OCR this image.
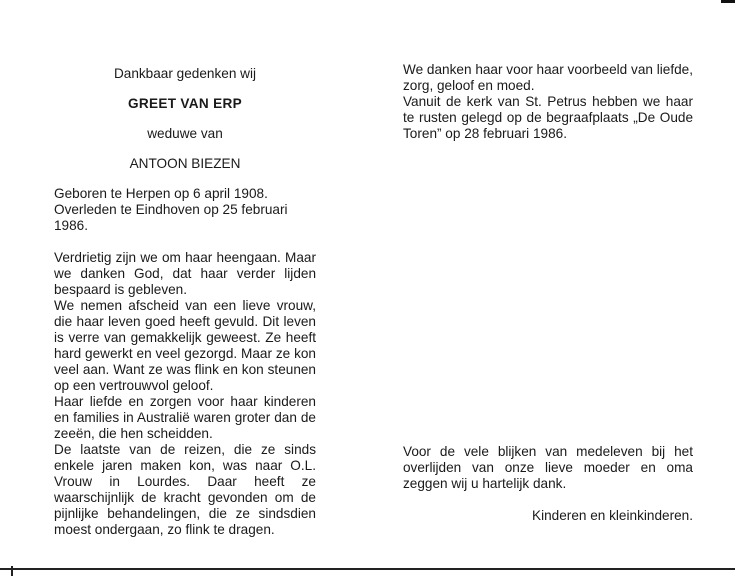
Dankbaar gedenken wij
GREET VAN ERP
weduwe van
ANTOON BIEZEN
Geboren te Herpen op 6 april 1908.
Overleden te Eindhoven op 25 februari 1986.

Verdrietig zijn we om haar heengaan. Maar we danken God, dat haar verder lijden bespaard is gebleven.

We nemen afscheid van een lieve vrouw, die haar leven goed heeft gevuld. Dit leven is verre van gemakkelijk geweest. Ze heeft hard gewerkt en veel gezorgd. Maar ze kon veel aan. Want ze was flink en kon steunen op een vertrouwvol geloof.

Haar liefde en zorgen voor haar kinderen en families in Australië waren groter dan de zeeën, die hen scheidden.

De laatste van de reizen, die ze sinds enkele jaren maken kon, was naar O.L. Vrouw in Lourdes. Daar heeft ze waarschijnlijk de kracht gevonden om de pijnlijke behandelingen, die ze sindsdien moest ondergaan, zo flink te dragen.

We danken haar voor haar voorbeeld van liefde, zorg, geloof en moed.

Vanuit de kerk van St. Petrus hebben we haar te rusten gelegd op de begraafplaats „De Oude Toren” op 28 februari 1986.

Voor de vele blijken van medeleven bij het overlijden van onze lieve moeder en oma zeggen wij u hartelijk dank.

Kinderen en kleinkinderen.
